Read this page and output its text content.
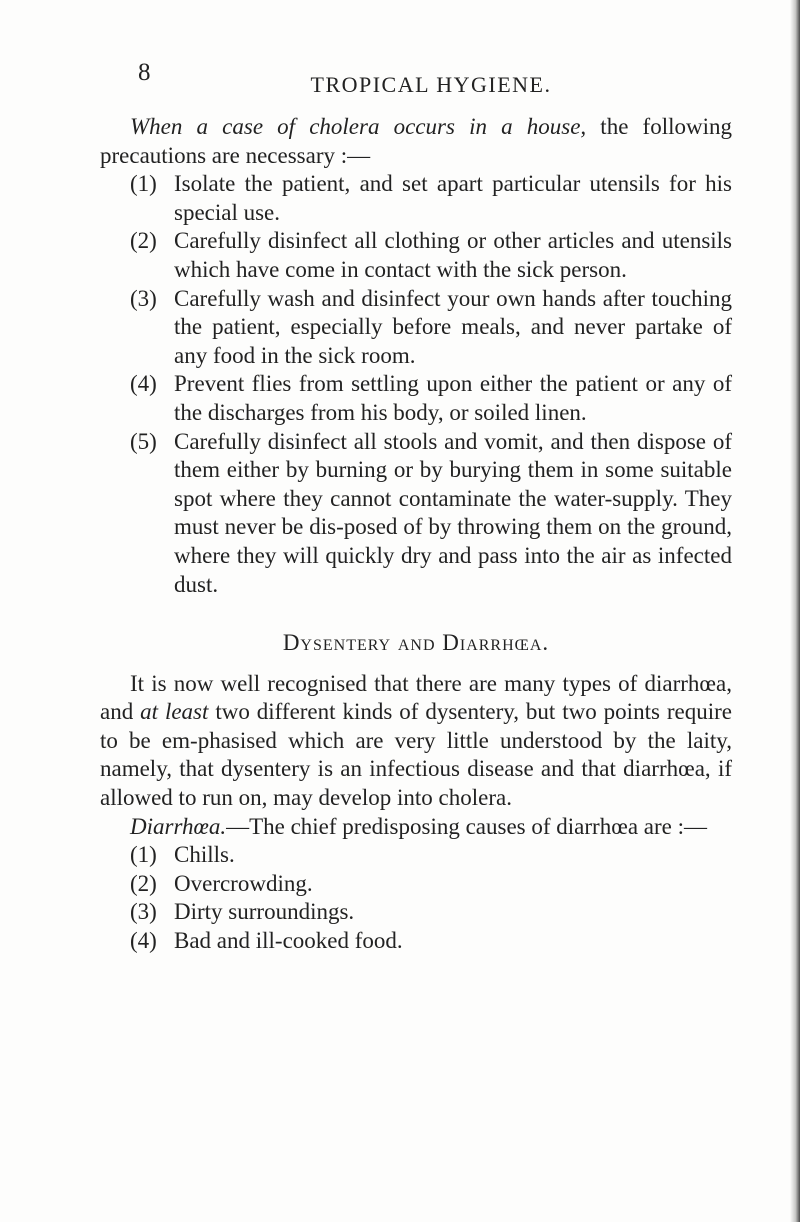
8	TROPICAL HYGIENE.

When a case of cholera occurs in a house, the following precautions are necessary :—

(1) Isolate the patient, and set apart particular utensils for his special use.
(2) Carefully disinfect all clothing or other articles and utensils which have come in contact with the sick person.
(3) Carefully wash and disinfect your own hands after touching the patient, especially before meals, and never partake of any food in the sick room.
(4) Prevent flies from settling upon either the patient or any of the discharges from his body, or soiled linen.
(5) Carefully disinfect all stools and vomit, and then dispose of them either by burning or by burying them in some suitable spot where they cannot contaminate the water-supply. They must never be dis-posed of by throwing them on the ground, where they will quickly dry and pass into the air as infected dust.
Dysentery and Diarrhœa.

It is now well recognised that there are many types of diarrhœa, and at least two different kinds of dysentery, but two points require to be em-phasised which are very little understood by the laity, namely, that dysentery is an infectious disease and that diarrhœa, if allowed to run on, may develop into cholera.

Diarrhœa.—The chief predisposing causes of diarrhœa are :—

(1) Chills.
(2) Overcrowding.
(3) Dirty surroundings.
(4) Bad and ill-cooked food.
